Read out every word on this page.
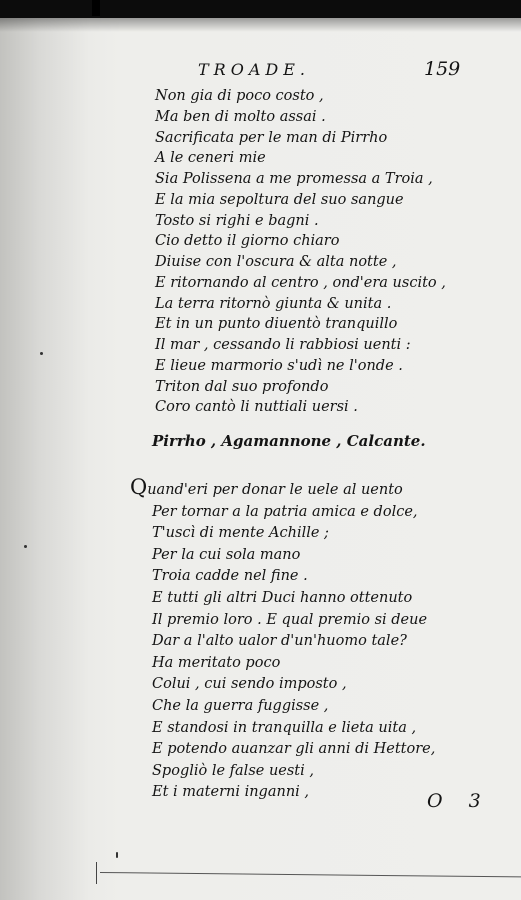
TROADE.	159
Non gia di poco costo ,
Ma ben di molto assai .
Sacrificata per le man di Pirrho
A le ceneri mie
Sia Polissena a me promessa a Troia ,
E la mia sepoltura del suo sangue
Tosto si righi e bagni .
Cio detto il giorno chiaro
Diuise con l'oscura & alta notte ,
E ritornando al centro , ond'era uscito ,
La terra ritornò giunta & unita .
Et in un punto diuentò tranquillo
Il mar , cessando li rabbiosi uenti :
E lieue marmorio s'udì ne l'onde .
Triton dal suo profondo
Coro cantò li nuttiali uersi .
Pirrho , Agamannone , Calcante.
Quand'eri per donar le uele al uento
Per tornar a la patria amica e dolce,
T'uscì di mente Achille ;
Per la cui sola mano
Troia cadde nel fine .
E tutti gli altri Duci hanno ottenuto
Il premio loro . E qual premio si deue
Dar a l'alto ualor d'un'huomo tale?
Ha meritato poco
Colui , cui sendo imposto ,
Che la guerra fuggisse ,
E standosi in tranquilla e lieta uita ,
E potendo auanzar gli anni di Hettore,
Spogliò le false uesti ,
Et i materni inganni ,	O 3
